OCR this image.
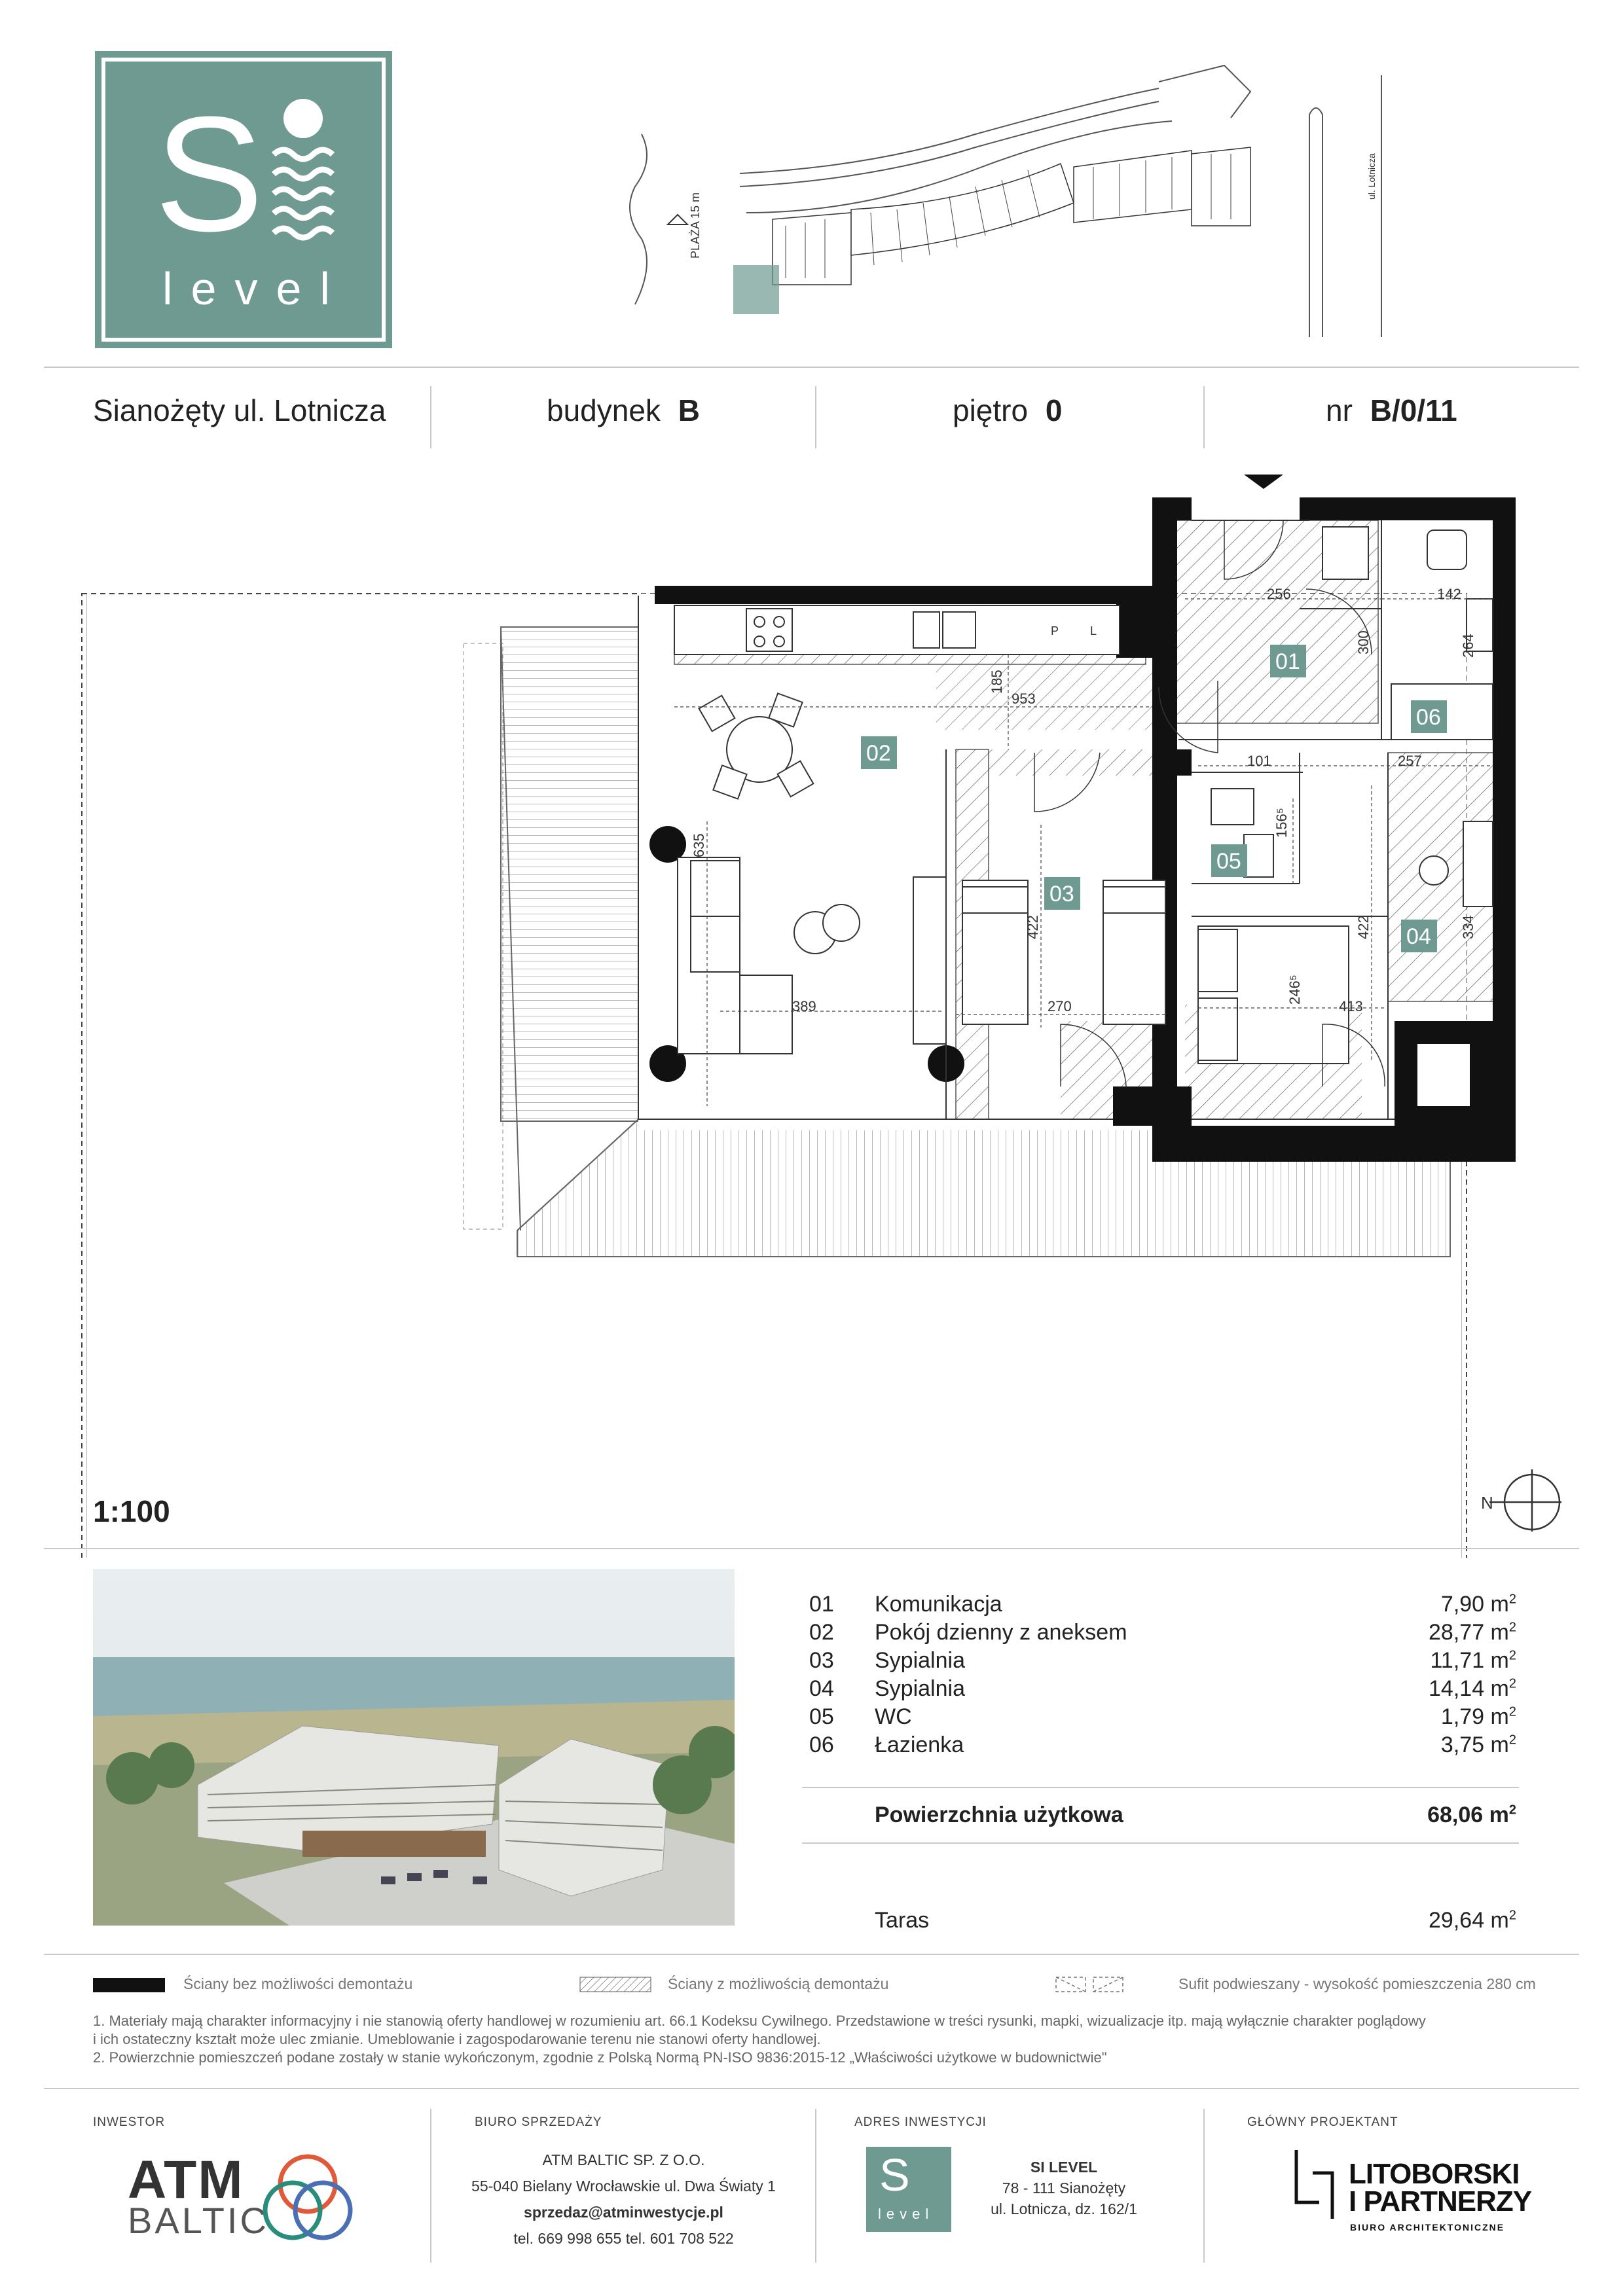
S
level
PLAŻA 15 m
ul. Lotnicza
Sianożęty ul. Lotnicza	budynek B	piętro 0	nr B/0/11
P	L
256	142
300	264
185
953
101	257
156⁵
635
422	422	334
389	270
246⁵
413
01
02
03
04
05
06
N
1:100
01 Komunikacja	7,90 $m^2$
02 Pokój dzienny z aneksem	28,77 $m^2$
03 Sypialnia	11,71 $m^2$
04 Sypialnia	14,14 $m^2$
05 WC	1,79 $m^2$
06 Łazienka	3,75 $m^2$
Powierzchnia użytkowa	68,06 $m^2$
Taras	29,64 $m^2$
Ściany bez możliwości demontażu	Ściany z możliwością demontażu	Sufit podwieszany - wysokość pomieszczenia 280 cm
1. Materiały mają charakter informacyjny i nie stanowią oferty handlowej w rozumieniu art. 66.1 Kodeksu Cywilnego. Przedstawione w treści rysunki, mapki, wizualizacje itp. mają wyłącznie charakter poglądowy
i ich ostateczny kształt może ulec zmianie. Umeblowanie i zagospodarowanie terenu nie stanowi oferty handlowej.
2. Powierzchnie pomieszczeń podane zostały w stanie wykończonym, zgodnie z Polską Normą PN-ISO 9836:2015-12 „Właściwości użytkowe w budownictwie"
INWESTOR
ATM
BALTIC
BIURO SPRZEDAŻY
ATM BALTIC SP. Z O.O.
55-040 Bielany Wrocławskie ul. Dwa Światy 1
sprzedaz@atminwestycje.pl
tel. 669 998 655 tel. 601 708 522
ADRES INWESTYCJI
S
level
SI LEVEL
78 - 111 Sianożęty
ul. Lotnicza, dz. 162/1
GŁÓWNY PROJEKTANT
LITOBORSKI
I PARTNERZY
BIURO ARCHITEKTONICZNE
